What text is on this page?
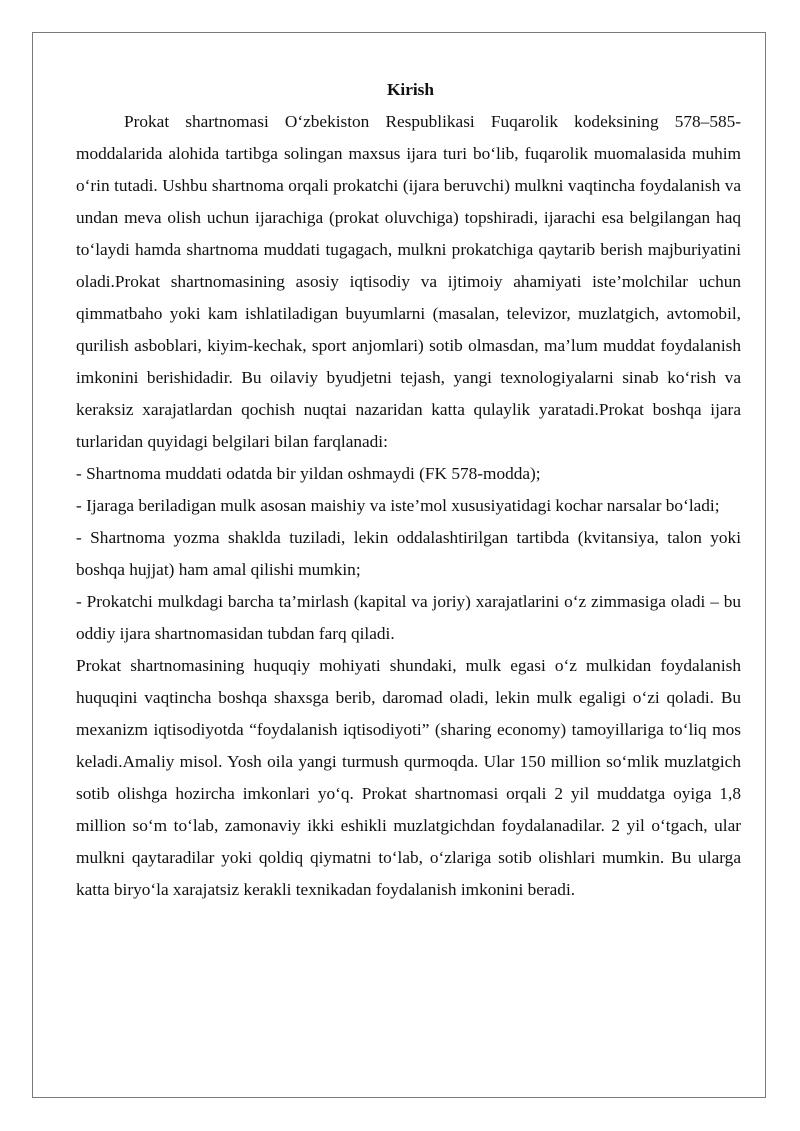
Kirish

Prokat shartnomasi O‘zbekiston Respublikasi Fuqarolik kodeksining 578–585-moddalarida alohida tartibga solingan maxsus ijara turi bo‘lib, fuqarolik muomalasida muhim o‘rin tutadi. Ushbu shartnoma orqali prokatchi (ijara beruvchi) mulkni vaqtincha foydalanish va undan meva olish uchun ijarachiga (prokat oluvchiga) topshiradi, ijarachi esa belgilangan haq to‘laydi hamda shartnoma muddati tugagach, mulkni prokatchiga qaytarib berish majburiyatini oladi.Prokat shartnomasining asosiy iqtisodiy va ijtimoiy ahamiyati iste’molchilar uchun qimmatbaho yoki kam ishlatiladigan buyumlarni (masalan, televizor, muzlatgich, avtomobil, qurilish asboblari, kiyim-kechak, sport anjomlari) sotib olmasdan, ma’lum muddat foydalanish imkonini berishidadir. Bu oilaviy byudjetni tejash, yangi texnologiyalarni sinab ko‘rish va keraksiz xarajatlardan qochish nuqtai nazaridan katta qulaylik yaratadi.Prokat boshqa ijara turlaridan quyidagi belgilari bilan farqlanadi:

- Shartnoma muddati odatda bir yildan oshmaydi (FK 578-modda);

- Ijaraga beriladigan mulk asosan maishiy va iste’mol xususiyatidagi kochar narsalar bo‘ladi;

- Shartnoma yozma shaklda tuziladi, lekin oddalashtirilgan tartibda (kvitansiya, talon yoki boshqa hujjat) ham amal qilishi mumkin;

- Prokatchi mulkdagi barcha ta’mirlash (kapital va joriy) xarajatlarini o‘z zimmasiga oladi – bu oddiy ijara shartnomasidan tubdan farq qiladi.

Prokat shartnomasining huquqiy mohiyati shundaki, mulk egasi o‘z mulkidan foydalanish huquqini vaqtincha boshqa shaxsga berib, daromad oladi, lekin mulk egaligi o‘zi qoladi. Bu mexanizm iqtisodiyotda “foydalanish iqtisodiyoti” (sharing economy) tamoyillariga to‘liq mos keladi.Amaliy misol. Yosh oila yangi turmush qurmoqda. Ular 150 million so‘mlik muzlatgich sotib olishga hozircha imkonlari yo‘q. Prokat shartnomasi orqali 2 yil muddatga oyiga 1,8 million so‘m to‘lab, zamonaviy ikki eshikli muzlatgichdan foydalanadilar. 2 yil o‘tgach, ular mulkni qaytaradilar yoki qoldiq qiymatni to‘lab, o‘zlariga sotib olishlari mumkin. Bu ularga katta biryo‘la xarajatsiz kerakli texnikadan foydalanish imkonini beradi.
